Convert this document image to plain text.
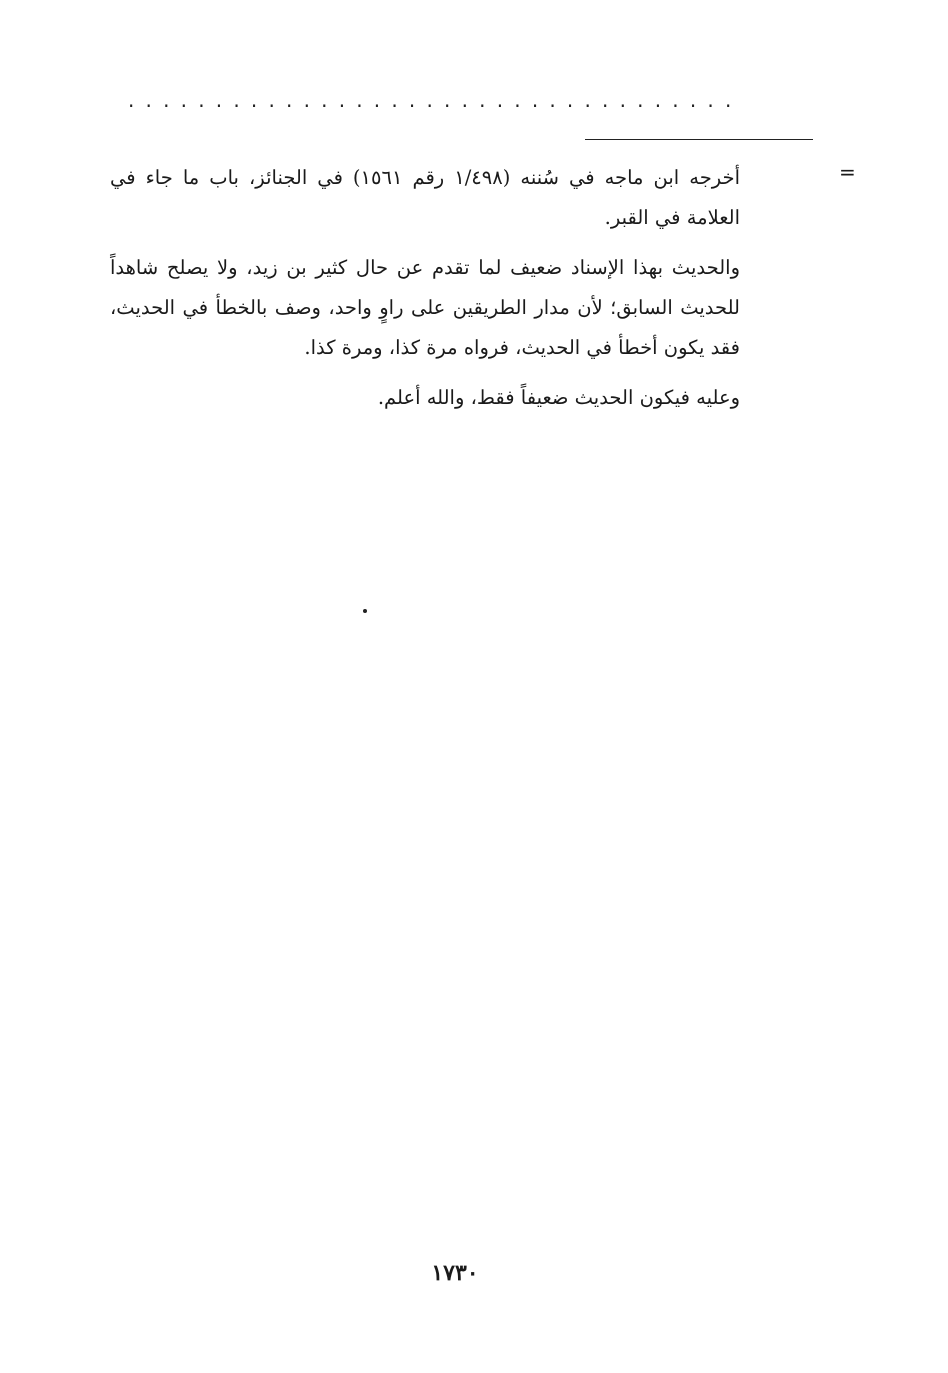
...................................
=

أخرجه ابن ماجه في سُننه (١/٤٩٨ رقم ١٥٦١) في الجنائز، باب ما جاء في العلامة في القبر.

والحديث بهذا الإسناد ضعيف لما تقدم عن حال كثير بن زيد، ولا يصلح شاهداً للحديث السابق؛ لأن مدار الطريقين على راوٍ واحد، وصف بالخطأ في الحديث، فقد يكون أخطأ في الحديث، فرواه مرة كذا، ومرة كذا.

وعليه فيكون الحديث ضعيفاً فقط، والله أعلم.

١٧٣٠
